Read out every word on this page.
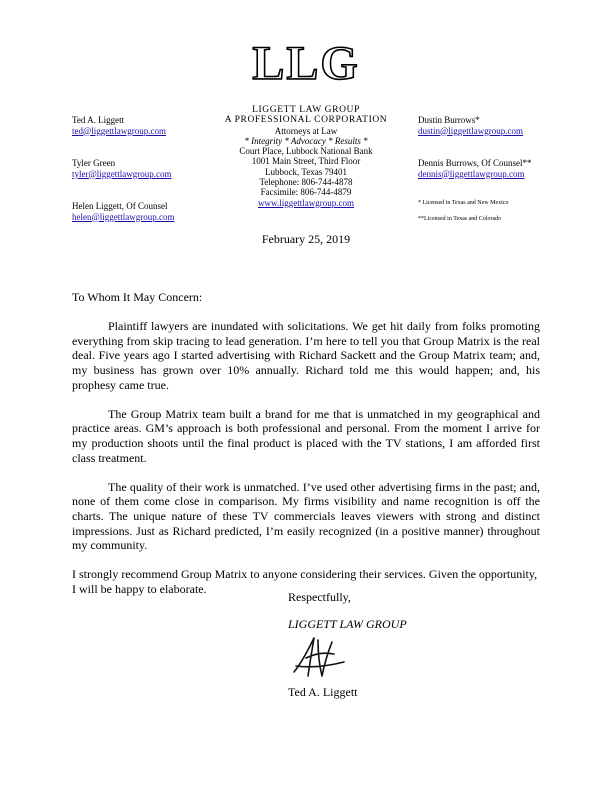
LLG
Ted A. Liggett
ted@liggettlawgroup.com
Tyler Green
tyler@liggettlawgroup.com
Helen Liggett, Of Counsel
helen@liggettlawgroup.com
LIGGETT LAW GROUP
A PROFESSIONAL CORPORATION
Attorneys at Law
* Integrity * Advocacy * Results *
Court Place, Lubbock National Bank
1001 Main Street, Third Floor
Lubbock, Texas 79401
Telephone: 806-744-4878
Facsimile: 806-744-4879
www.liggettlawgroup.com
Dustin Burrows*
dustin@liggettlawgroup.com
Dennis Burrows, Of Counsel**
dennis@liggettlawgroup.com
* Licensed in Texas and New Mexico
**Licensed in Texas and Colorado
February 25, 2019
To Whom It May Concern:

Plaintiff lawyers are inundated with solicitations. We get hit daily from folks promoting everything from skip tracing to lead generation. I’m here to tell you that Group Matrix is the real deal. Five years ago I started advertising with Richard Sackett and the Group Matrix team; and, my business has grown over 10% annually. Richard told me this would happen; and, his prophesy came true.

The Group Matrix team built a brand for me that is unmatched in my geographical and practice areas. GM’s approach is both professional and personal. From the moment I arrive for my production shoots until the final product is placed with the TV stations, I am afforded first class treatment.

The quality of their work is unmatched. I’ve used other advertising firms in the past; and, none of them come close in comparison. My firms visibility and name recognition is off the charts. The unique nature of these TV commercials leaves viewers with strong and distinct impressions. Just as Richard predicted, I’m easily recognized (in a positive manner) throughout my community.

I strongly recommend Group Matrix to anyone considering their services. Given the opportunity, I will be happy to elaborate.

Respectfully,
LIGGETT LAW GROUP
Ted A. Liggett
